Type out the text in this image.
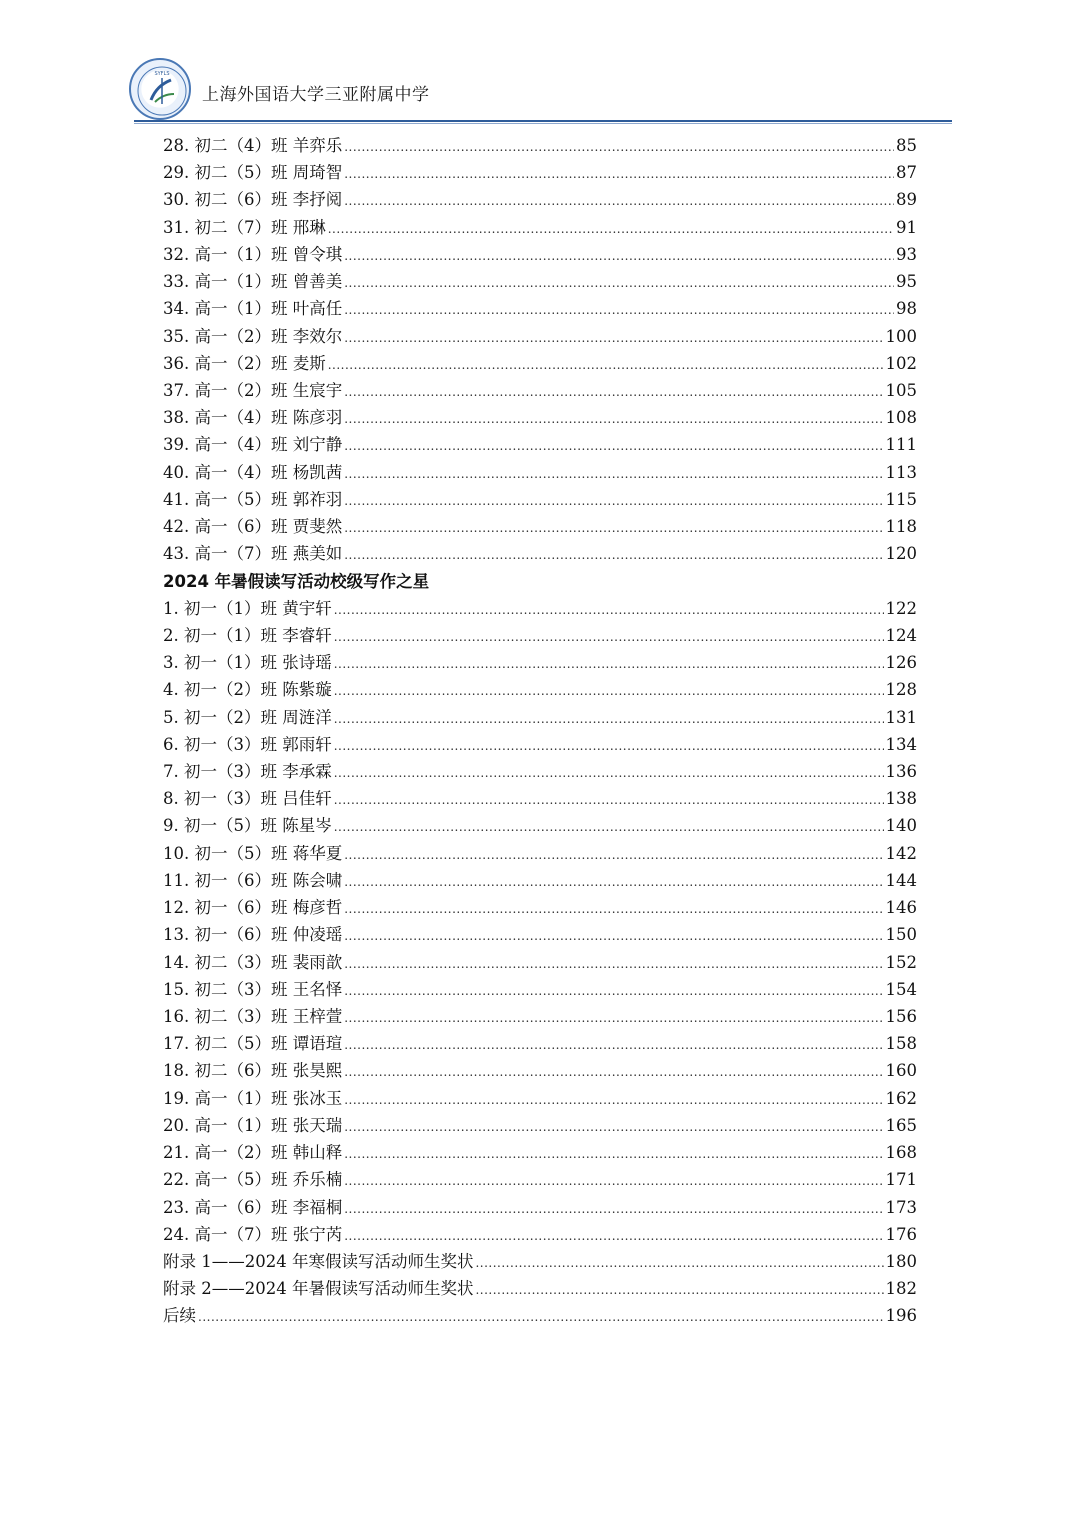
SYFLS
上海外国语大学三亚附属中学
28. 初二（4）班 羊弈乐 .....	85
29. 初二（5）班 周琦智 .....	87
30. 初二（6）班 李抒阅 .....	89
31. 初二（7）班 邢琳 .....	91
32. 高一（1）班 曾令琪 .....	93
33. 高一（1）班 曾善美 .....	95
34. 高一（1）班 叶高任 .....	98
35. 高一（2）班 李效尔 .....	100
36. 高一（2）班 麦斯 .....	102
37. 高一（2）班 生宸宇 .....	105
38. 高一（4）班 陈彦羽 .....	108
39. 高一（4）班 刘宁静 .....	111
40. 高一（4）班 杨凯茜 .....	113
41. 高一（5）班 郭祚羽 .....	115
42. 高一（6）班 贾斐然 .....	118
43. 高一（7）班 燕美如 .....	120
2024 年暑假读写活动校级写作之星
1. 初一（1）班 黄宇轩 .....	122
2. 初一（1）班 李睿轩 .....	124
3. 初一（1）班 张诗瑶 .....	126
4. 初一（2）班 陈紫璇 .....	128
5. 初一（2）班 周涟洋 .....	131
6. 初一（3）班 郭雨轩 .....	134
7. 初一（3）班 李承霖 .....	136
8. 初一（3）班 吕佳轩 .....	138
9. 初一（5）班 陈星岑 .....	140
10. 初一（5）班 蒋华夏 .....	142
11. 初一（6）班 陈会啸 .....	144
12. 初一（6）班 梅彦哲 .....	146
13. 初一（6）班 仲凌瑶 .....	150
14. 初二（3）班 裴雨歆 .....	152
15. 初二（3）班 王名怿 .....	154
16. 初二（3）班 王梓萱 .....	156
17. 初二（5）班 谭语瑄 .....	158
18. 初二（6）班 张昊熙 .....	160
19. 高一（1）班 张冰玉 .....	162
20. 高一（1）班 张天瑞 .....	165
21. 高一（2）班 韩山释 .....	168
22. 高一（5）班 乔乐楠 .....	171
23. 高一（6）班 李福桐 .....	173
24. 高一（7）班 张宁芮 .....	176
附录 1——2024 年寒假读写活动师生奖状 .....	180
附录 2——2024 年暑假读写活动师生奖状 .....	182
后续 .....	196
